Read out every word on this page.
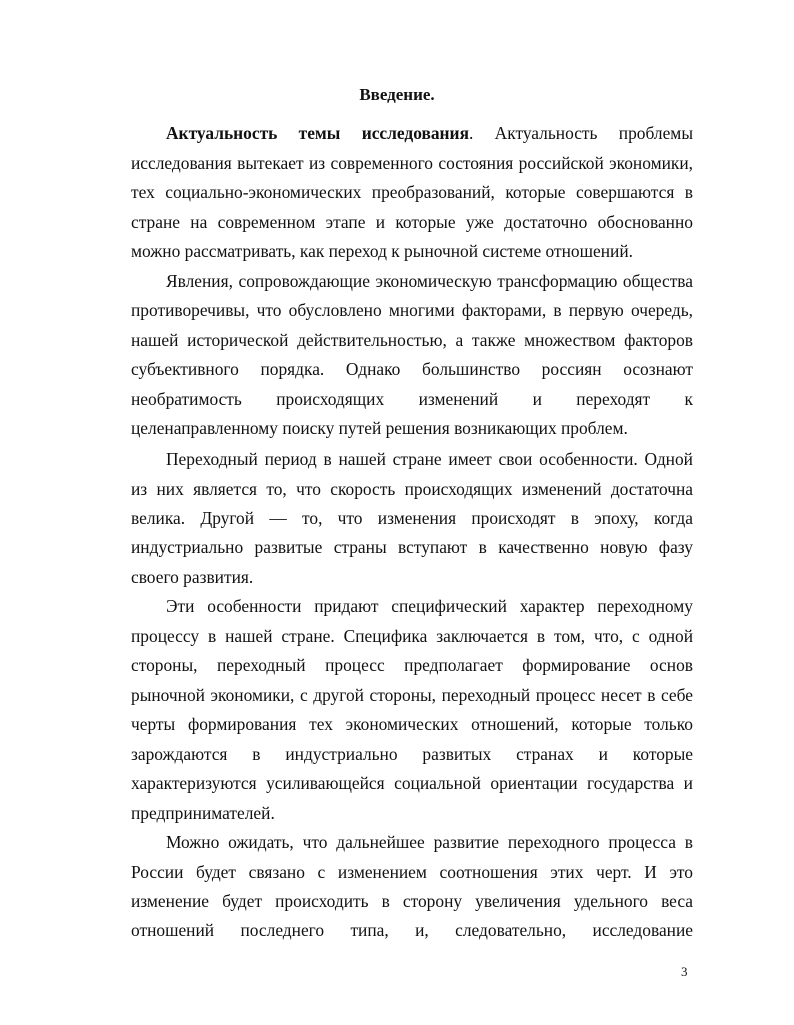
Введение.
Актуальность темы исследования. Актуальность проблемы
исследования вытекает из современного состояния российской экономики,
тех социально-экономических преобразований, которые совершаются в
стране на современном этапе и которые уже достаточно обоснованно
можно рассматривать, как переход к рыночной системе отношений.
Явления, сопровождающие экономическую трансформацию общества
противоречивы, что обусловлено многими факторами, в первую очередь,
нашей исторической действительностью, а также множеством факторов
субъективного порядка. Однако большинство россиян осознают
необратимость происходящих изменений и переходят к
целенаправленному поиску путей решения возникающих проблем.
Переходный период в нашей стране имеет свои особенности. Одной
из них является то, что скорость происходящих изменений достаточна
велика. Другой — то, что изменения происходят в эпоху, когда
индустриально развитые страны вступают в качественно новую фазу
своего развития.
Эти особенности придают специфический характер переходному
процессу в нашей стране. Специфика заключается в том, что, с одной
стороны, переходный процесс предполагает формирование основ
рыночной экономики, с другой стороны, переходный процесс несет в себе
черты формирования тех экономических отношений, которые только
зарождаются в индустриально развитых странах и которые
характеризуются усиливающейся социальной ориентации государства и
предпринимателей.
Можно ожидать, что дальнейшее развитие переходного процесса в
России будет связано с изменением соотношения этих черт. И это
изменение будет происходить в сторону увеличения удельного веса
отношений последнего типа, и, следовательно, исследование
3
